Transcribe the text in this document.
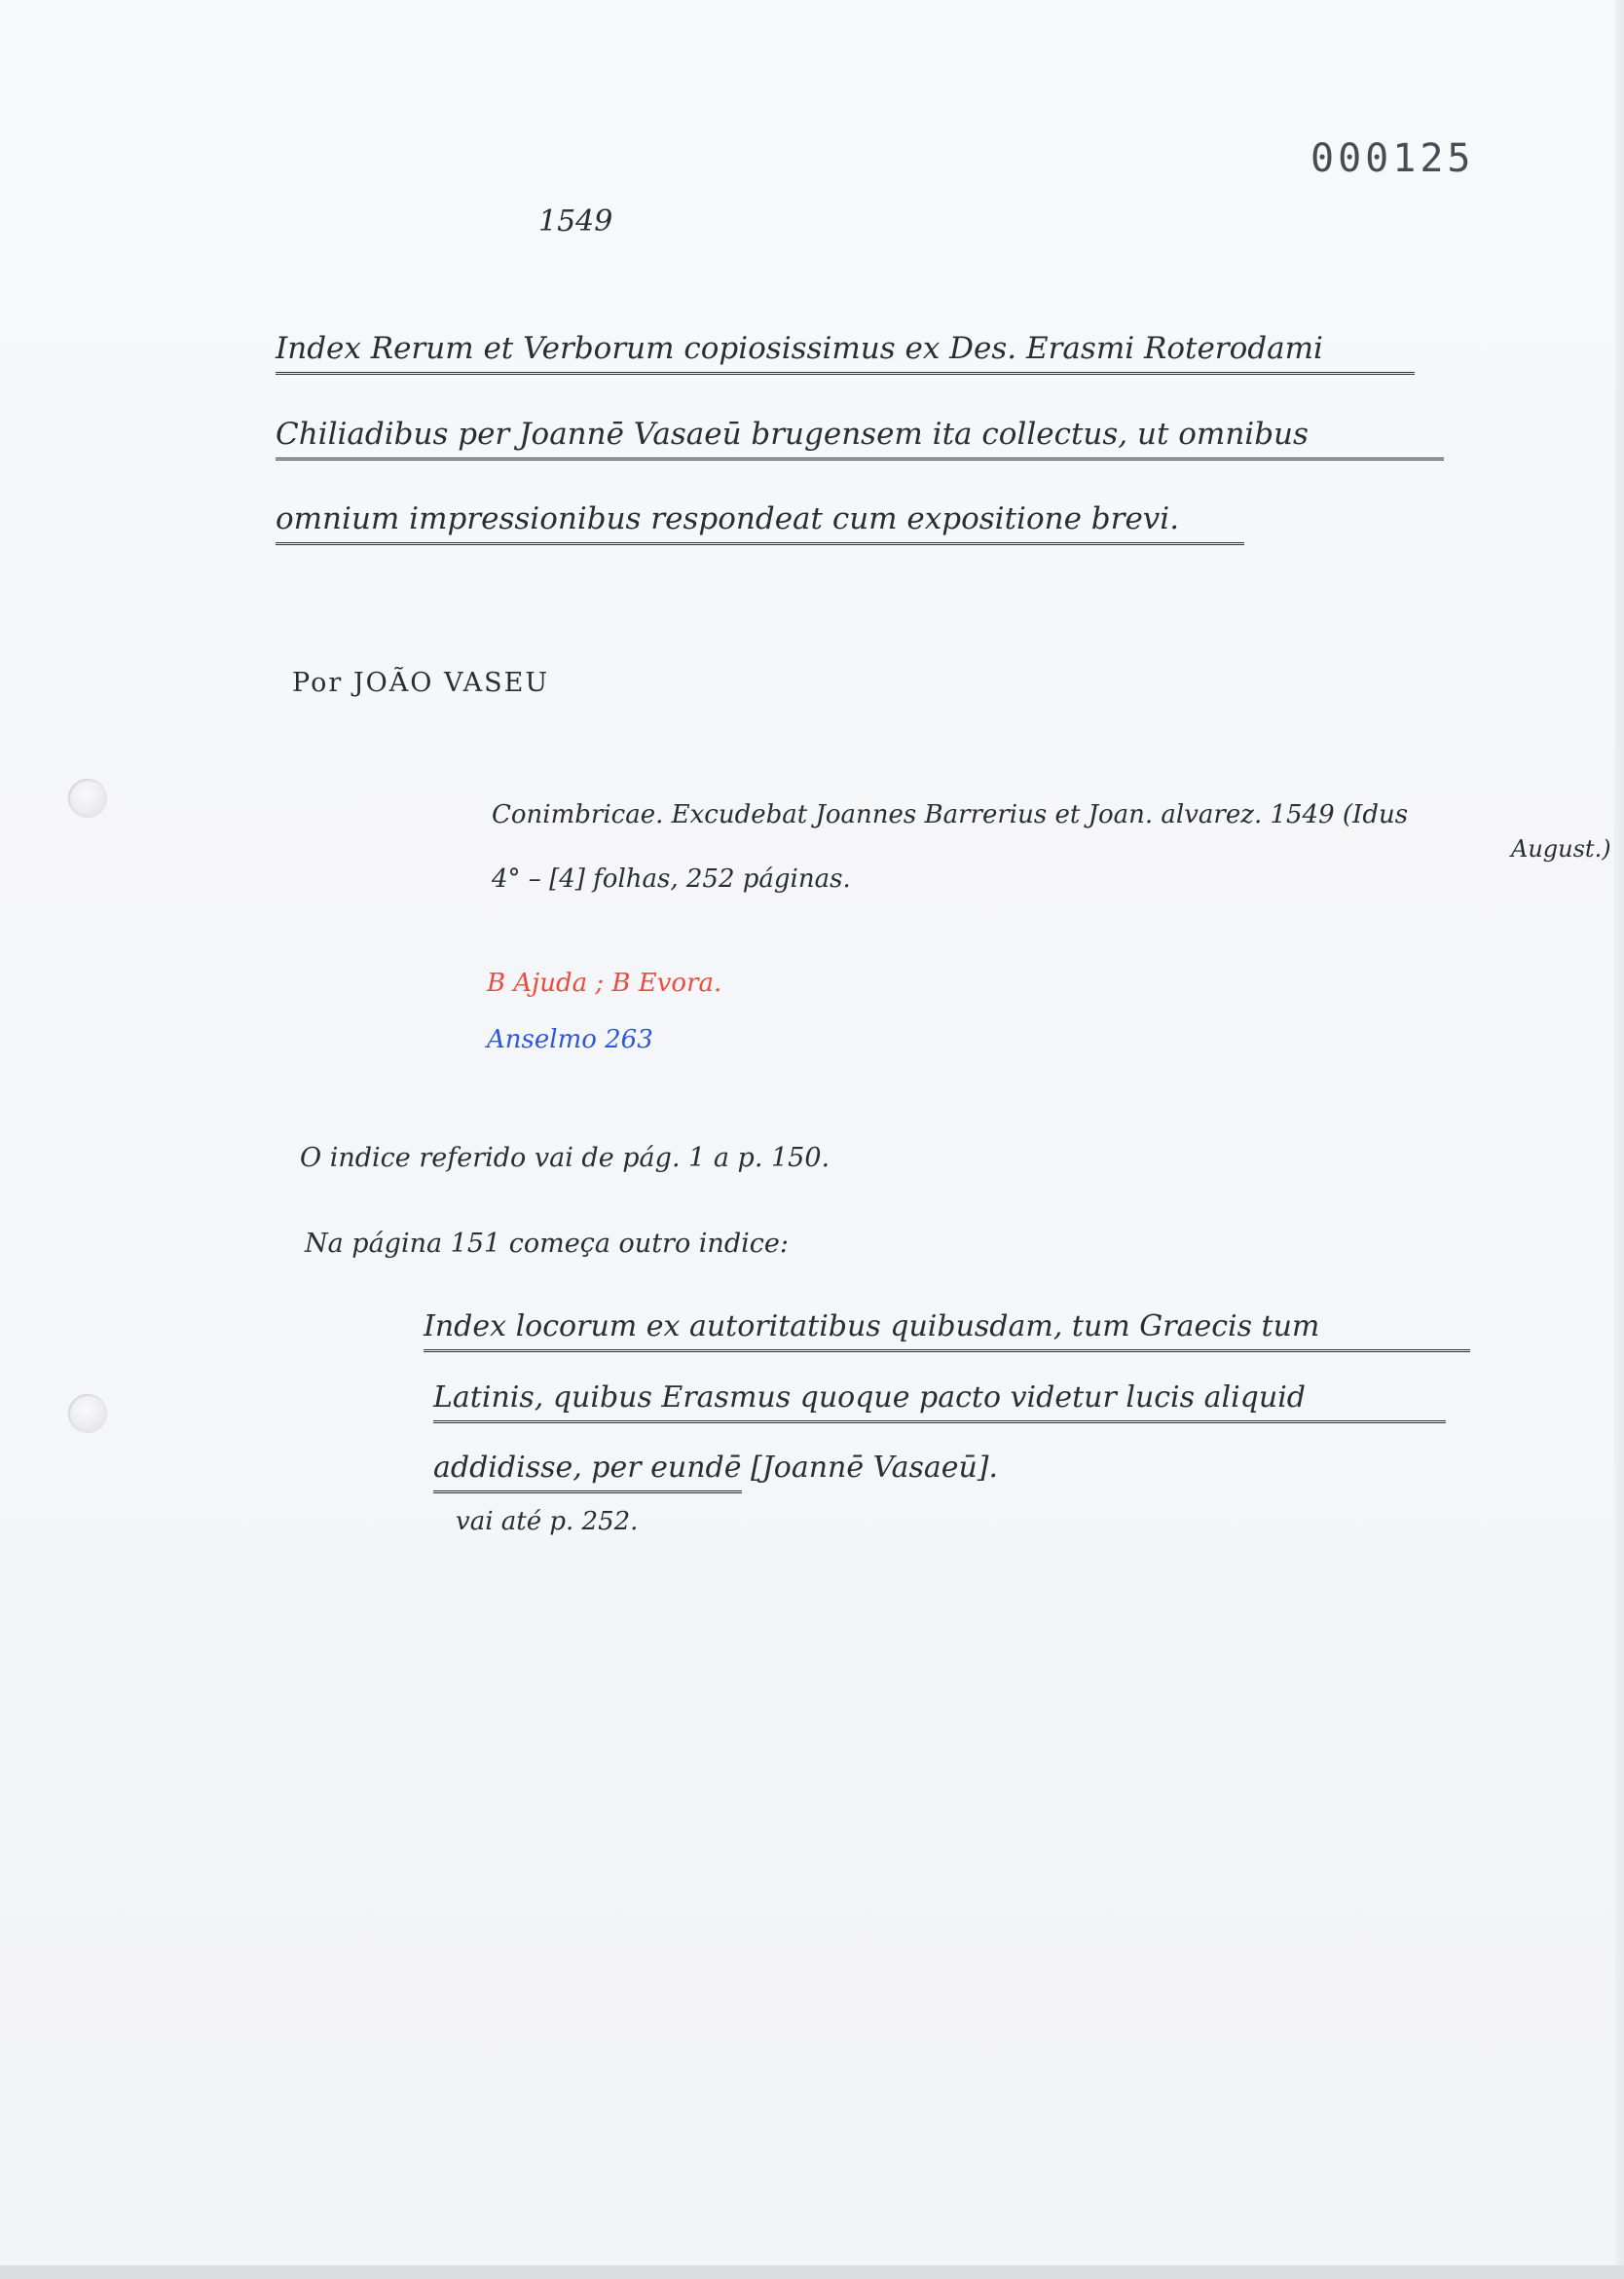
000125
1549
Index Rerum et Verborum copiosissimus ex Des. Erasmi Roterodami
Chiliadibus per Joannē Vasaeū brugensem ita collectus, ut omnibus
omnium impressionibus respondeat cum expositione brevi.
Por JOÃO VASEU
Conimbricae. Excudebat Joannes Barrerius et Joan. alvarez. 1549 (Idus
August.)
4° – [4] folhas, 252 páginas.
B Ajuda ; B Evora.
Anselmo 263
O indice referido vai de pág. 1 a p. 150.
Na página 151 começa outro indice:
Index locorum ex autoritatibus quibusdam, tum Graecis tum
Latinis, quibus Erasmus quoque pacto videtur lucis aliquid
addidisse, per eundē [Joannē Vasaeū].
vai até p. 252.
